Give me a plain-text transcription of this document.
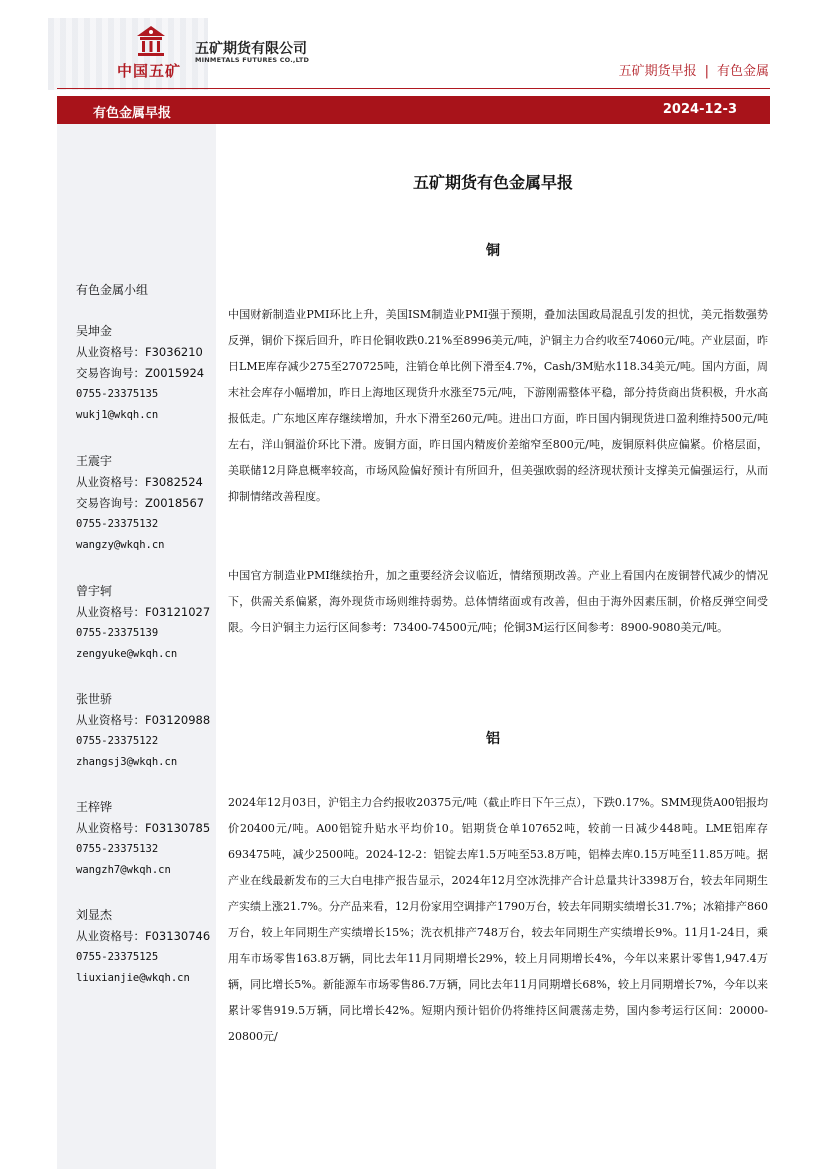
中国五矿
五矿期货有限公司
MINMETALS FUTURES CO.,LTD
五矿期货早报 | 有色金属
有色金属早报	2024-12-3
有色金属小组
吴坤金
从业资格号：F3036210
交易咨询号：Z0015924
0755-23375135
wukj1@wkqh.cn
王震宇
从业资格号：F3082524
交易咨询号：Z0018567
0755-23375132
wangzy@wkqh.cn
曾宇轲
从业资格号：F03121027
0755-23375139
zengyuke@wkqh.cn
张世骄
从业资格号：F03120988
0755-23375122
zhangsj3@wkqh.cn
王梓铧
从业资格号：F03130785
0755-23375132
wangzh7@wkqh.cn
刘显杰
从业资格号：F03130746
0755-23375125
liuxianjie@wkqh.cn
五矿期货有色金属早报
铜

中国财新制造业PMI环比上升，美国ISM制造业PMI强于预期，叠加法国政局混乱引发的担忧，美元指数强势反弹，铜价下探后回升，昨日伦铜收跌0.21%至8996美元/吨，沪铜主力合约收至74060元/吨。产业层面，昨日LME库存减少275至270725吨，注销仓单比例下滑至4.7%，Cash/3M贴水118.34美元/吨。国内方面，周末社会库存小幅增加，昨日上海地区现货升水涨至75元/吨，下游刚需整体平稳，部分持货商出货积极，升水高报低走。广东地区库存继续增加，升水下滑至260元/吨。进出口方面，昨日国内铜现货进口盈利维持500元/吨左右，洋山铜溢价环比下滑。废铜方面，昨日国内精废价差缩窄至800元/吨，废铜原料供应偏紧。价格层面，美联储12月降息概率较高，市场风险偏好预计有所回升，但美强欧弱的经济现状预计支撑美元偏强运行，从而抑制情绪改善程度。

中国官方制造业PMI继续抬升，加之重要经济会议临近，情绪预期改善。产业上看国内在废铜替代减少的情况下，供需关系偏紧，海外现货市场则维持弱势。总体情绪面或有改善，但由于海外因素压制，价格反弹空间受限。今日沪铜主力运行区间参考：73400-74500元/吨；伦铜3M运行区间参考：8900-9080美元/吨。

铝

2024年12月03日，沪铝主力合约报收20375元/吨（截止昨日下午三点），下跌0.17%。SMM现货A00铝报均价20400元/吨。A00铝锭升贴水平均价10。铝期货仓单107652吨，较前一日减少448吨。LME铝库存693475吨，减少2500吨。2024-12-2：铝锭去库1.5万吨至53.8万吨，铝棒去库0.15万吨至11.85万吨。据产业在线最新发布的三大白电排产报告显示，2024年12月空冰洗排产合计总量共计3398万台，较去年同期生产实绩上涨21.7%。分产品来看，12月份家用空调排产1790万台，较去年同期实绩增长31.7%；冰箱排产860万台，较上年同期生产实绩增长15%；洗衣机排产748万台，较去年同期生产实绩增长9%。11月1-24日，乘用车市场零售163.8万辆，同比去年11月同期增长29%，较上月同期增长4%，今年以来累计零售1,947.4万辆，同比增长5%。新能源车市场零售86.7万辆，同比去年11月同期增长68%，较上月同期增长7%，今年以来累计零售919.5万辆，同比增长42%。短期内预计铝价仍将维持区间震荡走势，国内参考运行区间：20000-20800元/
